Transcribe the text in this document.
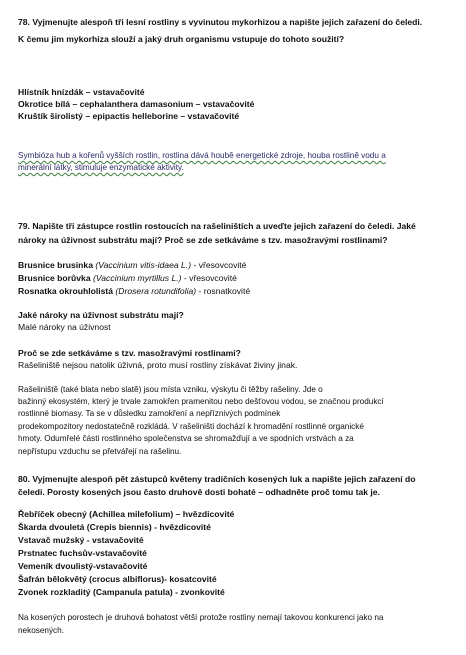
78. Vyjmenujte alespoň tři lesní rostliny s vyvinutou mykorhizou a napište jejich zařazení do čeledi.
K čemu jim mykorhiza slouží a jaký druh organismu vstupuje do tohoto soužití?
Hlístník hnízdák – vstavačovité
Okrotice bílá – cephalanthera damasonium – vstavačovité
Kruštík širolistý – epipactis helleborine – vstavačovité
Symbióza hub a kořenů vyšších rostlin, rostlina dává houbě energetické zdroje, houba rostlině vodu a
minerální látky, stimuluje enzymatické aktivity.
79. Napište tři zástupce rostlin rostoucích na rašeliništích a uveďte jejich zařazení do čeledi. Jaké
nároky na úživnost substrátu mají? Proč se zde setkáváme s tzv. masožravými rostlinami?
Brusnice brusinka (Vaccinium vitis-idaea L.) - vřesovcovité
Brusnice borůvka (Vaccinium myrtillus L.) - vřesovcovité
Rosnatka okrouhlolistá (Drosera rotundifolia) - rosnatkovité
Jaké nároky na úživnost substrátu mají?
Malé nároky na úživnost
Proč se zde setkáváme s tzv. masožravými rostlinami?
Rašeliniště nejsou natolik úživná, proto musí rostliny získávat živiny jinak.
Rašeliniště (také blata nebo slatě) jsou místa vzniku, výskytu či těžby rašeliny. Jde o
bažinný ekosystém, který je trvale zamokřen pramenitou nebo dešťovou vodou, se značnou produkcí
rostlinné biomasy. Ta se v důsledku zamokření a nepříznivých podmínek
prodekompozitory nedostatečně rozkládá. V rašeliništi dochází k hromadění rostlinné organické
hmoty. Odumřelé části rostlinného společenstva se shromažďují a ve spodních vrstvách a za
nepřístupu vzduchu se přetvářejí na rašelinu.
80. Vyjmenujte alespoň pět zástupců květeny tradičních kosených luk a napište jejich zařazení do
čeledi. Porosty kosených jsou často druhově dosti bohaté – odhadněte proč tomu tak je.
Řebříček obecný (Achillea milefolium) – hvězdicovité
Škarda dvouletá (Crepis biennis) - hvězdicovité
Vstavač mužský - vstavačovité
Prstnatec fuchsův-vstavačovité
Vemeník dvoulistý-vstavačovité
Šafrán bělokvětý (crocus albiflorus)- kosatcovité
Zvonek rozkladitý (Campanula patula) - zvonkovité
Na kosených porostech je druhová bohatost větší protože rostliny nemají takovou konkurenci jako na
nekosených.
